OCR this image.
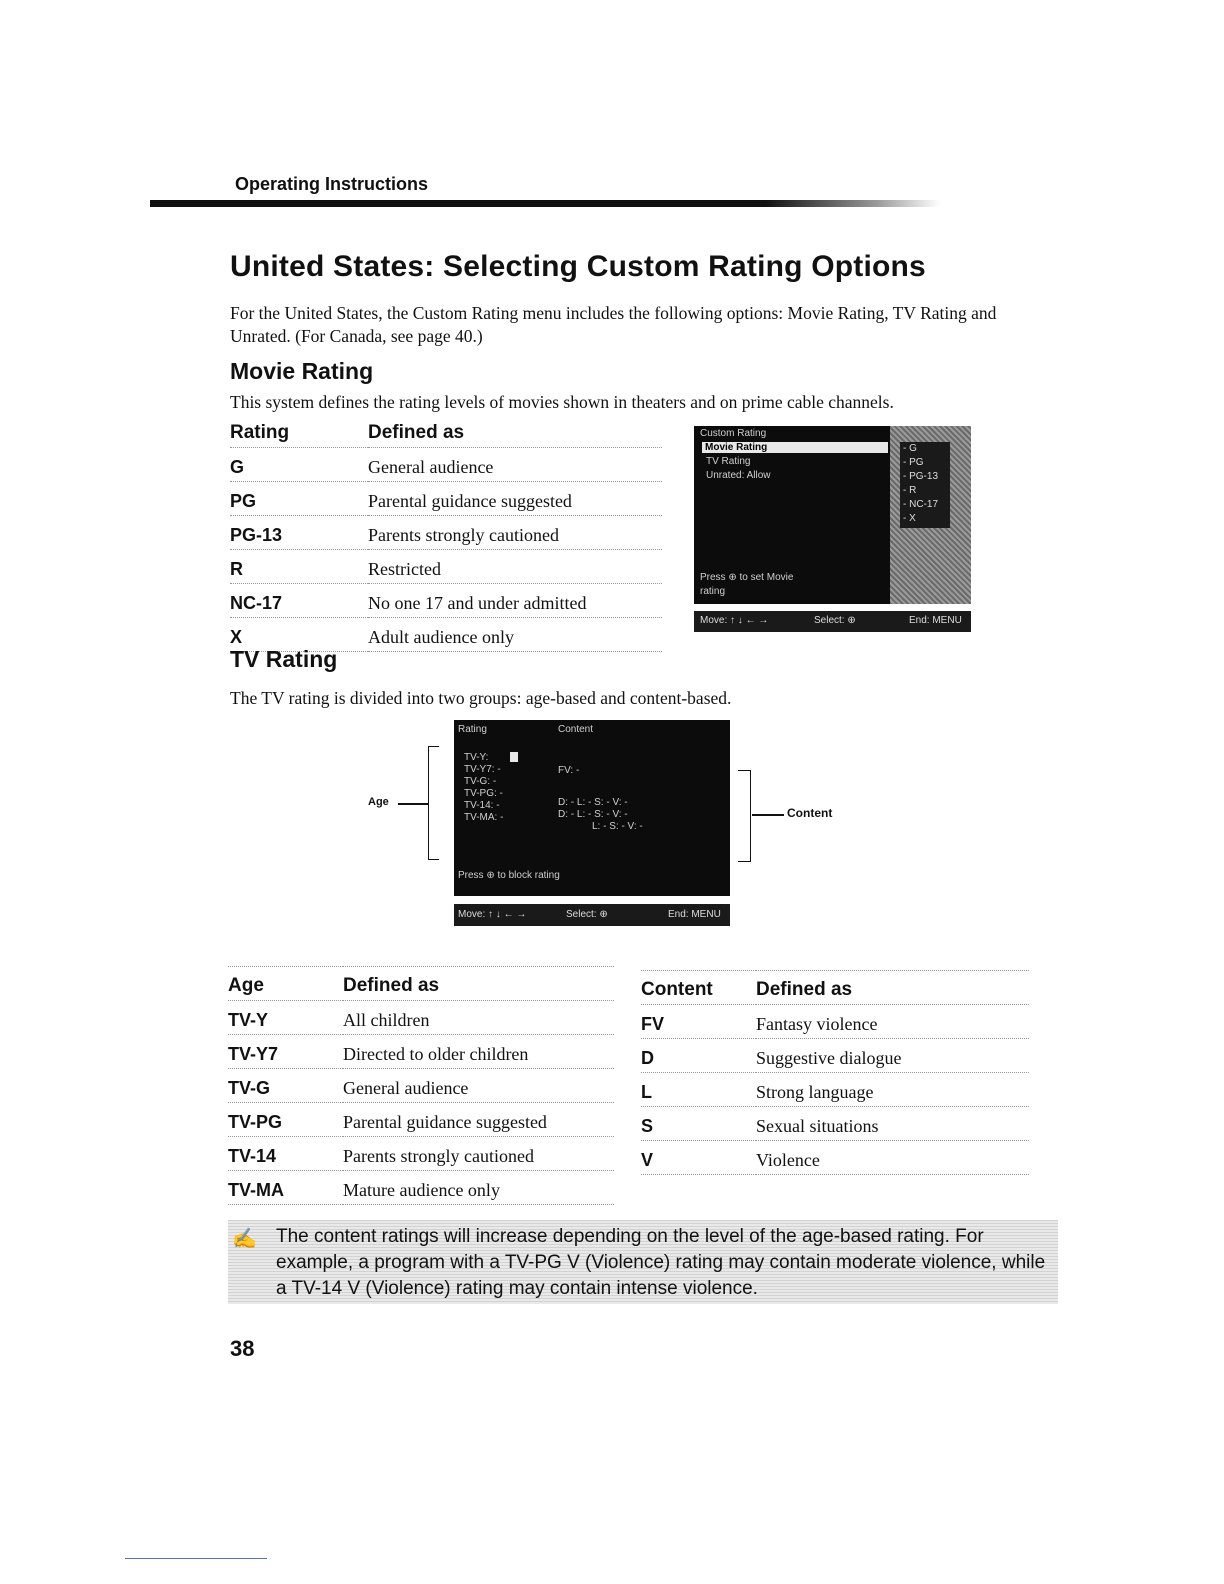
Operating Instructions
United States: Selecting Custom Rating Options
For the United States, the Custom Rating menu includes the following options: Movie Rating, TV Rating and Unrated. (For Canada, see page 40.)
Movie Rating
This system defines the rating levels of movies shown in theaters and on prime cable channels.
Rating	Defined as
G	General audience
PG	Parental guidance suggested
PG-13	Parents strongly cautioned
R	Restricted
NC-17	No one 17 and under admitted
X	Adult audience only
Custom Rating
Movie Rating
TV Rating
Unrated: Allow
- G
- PG
- PG-13
- R
- NC-17
- X
Press ⊕ to set Movie
rating
Move: ↑ ↓ ← →	Select: ⊕	End: MENU
TV Rating
The TV rating is divided into two groups: age-based and content-based.
Rating	Content
TV-Y:
TV-Y7: -
TV-G: -
TV-PG: -
TV-14: -
TV-MA: -
FV: -
D: - L: - S: - V: -
D: - L: - S: - V: -
L: - S: - V: -
Press ⊕ to block rating
Move: ↑ ↓ ← →	Select: ⊕	End: MENU
Age
Content
Age	Defined as
TV-Y	All children
TV-Y7	Directed to older children
TV-G	General audience
TV-PG	Parental guidance suggested
TV-14	Parents strongly cautioned
TV-MA	Mature audience only
Content	Defined as
FV	Fantasy violence
D	Suggestive dialogue
L	Strong language
S	Sexual situations
V	Violence
✍ The content ratings will increase depending on the level of the age-based rating. For example, a program with a TV-PG V (Violence) rating may contain moderate violence, while a TV-14 V (Violence) rating may contain intense violence.
38
